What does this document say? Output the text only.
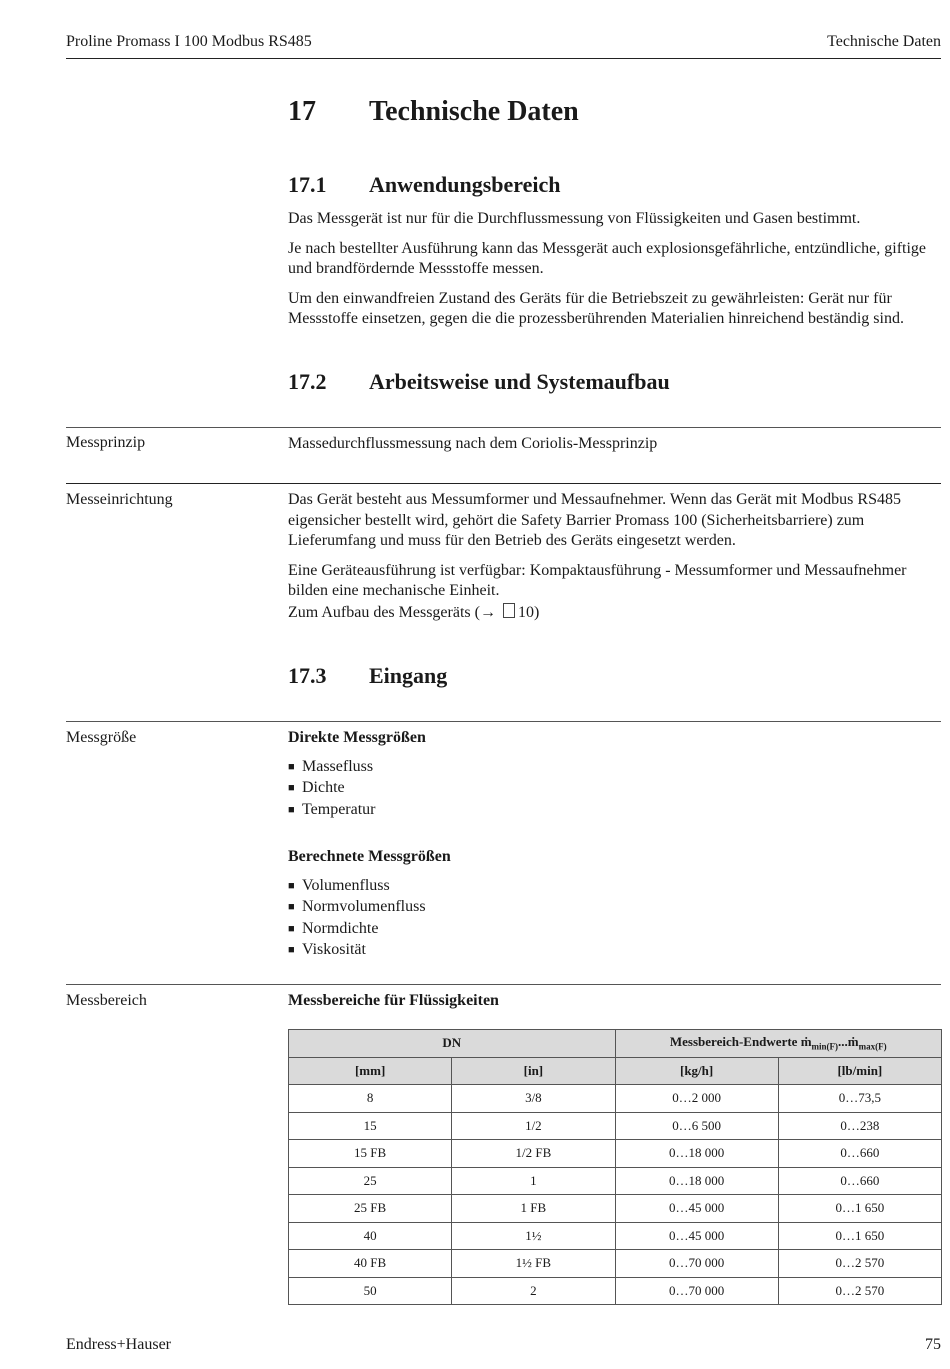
Proline Promass I 100 Modbus RS485	Technische Daten
17 Technische Daten
17.1 Anwendungsbereich

Das Messgerät ist nur für die Durchflussmessung von Flüssigkeiten und Gasen bestimmt.

Je nach bestellter Ausführung kann das Messgerät auch explosionsgefährliche, entzündliche, giftige und brandfördernde Messstoffe messen.

Um den einwandfreien Zustand des Geräts für die Betriebszeit zu gewährleisten: Gerät nur für Messstoffe einsetzen, gegen die die prozessberührenden Materialien hinreichend beständig sind.

17.2 Arbeitsweise und Systemaufbau
Messprinzip	Massedurchflussmessung nach dem Coriolis-Messprinzip
Messeinrichtung	Das Gerät besteht aus Messumformer und Messaufnehmer. Wenn das Gerät mit Modbus RS485 eigensicher bestellt wird, gehört die Safety Barrier Promass 100 (Sicherheitsbarriere) zum Lieferumfang und muss für den Betrieb des Geräts eingesetzt werden.

Eine Geräteausführung ist verfügbar: Kompaktausführung - Messumformer und Messaufnehmer bilden eine mechanische Einheit.

Zum Aufbau des Messgeräts (→ 10)
17.3 Eingang
Messgröße	Direkte Messgrößen
■ Massefluss
■ Dichte
■ Temperatur
Berechnete Messgrößen
■ Volumenfluss
■ Normvolumenfluss
■ Normdichte
■ Viskosität
Messbereich	Messbereiche für Flüssigkeiten
DN		Messbereich-Endwerte ṁ$_{min(F)}$...ṁ$_{max(F)}$
[mm]	[in]	[kg/h]	[lb/min]
8	3/8	0…2 000	0…73,5
15	1/2	0…6 500	0…238
15 FB	1/2 FB	0…18 000	0…660
25	1	0…18 000	0…660
25 FB	1 FB	0…45 000	0…1 650
40	1½	0…45 000	0…1 650
40 FB	1½ FB	0…70 000	0…2 570
50	2	0…70 000	0…2 570
Endress+Hauser	75
